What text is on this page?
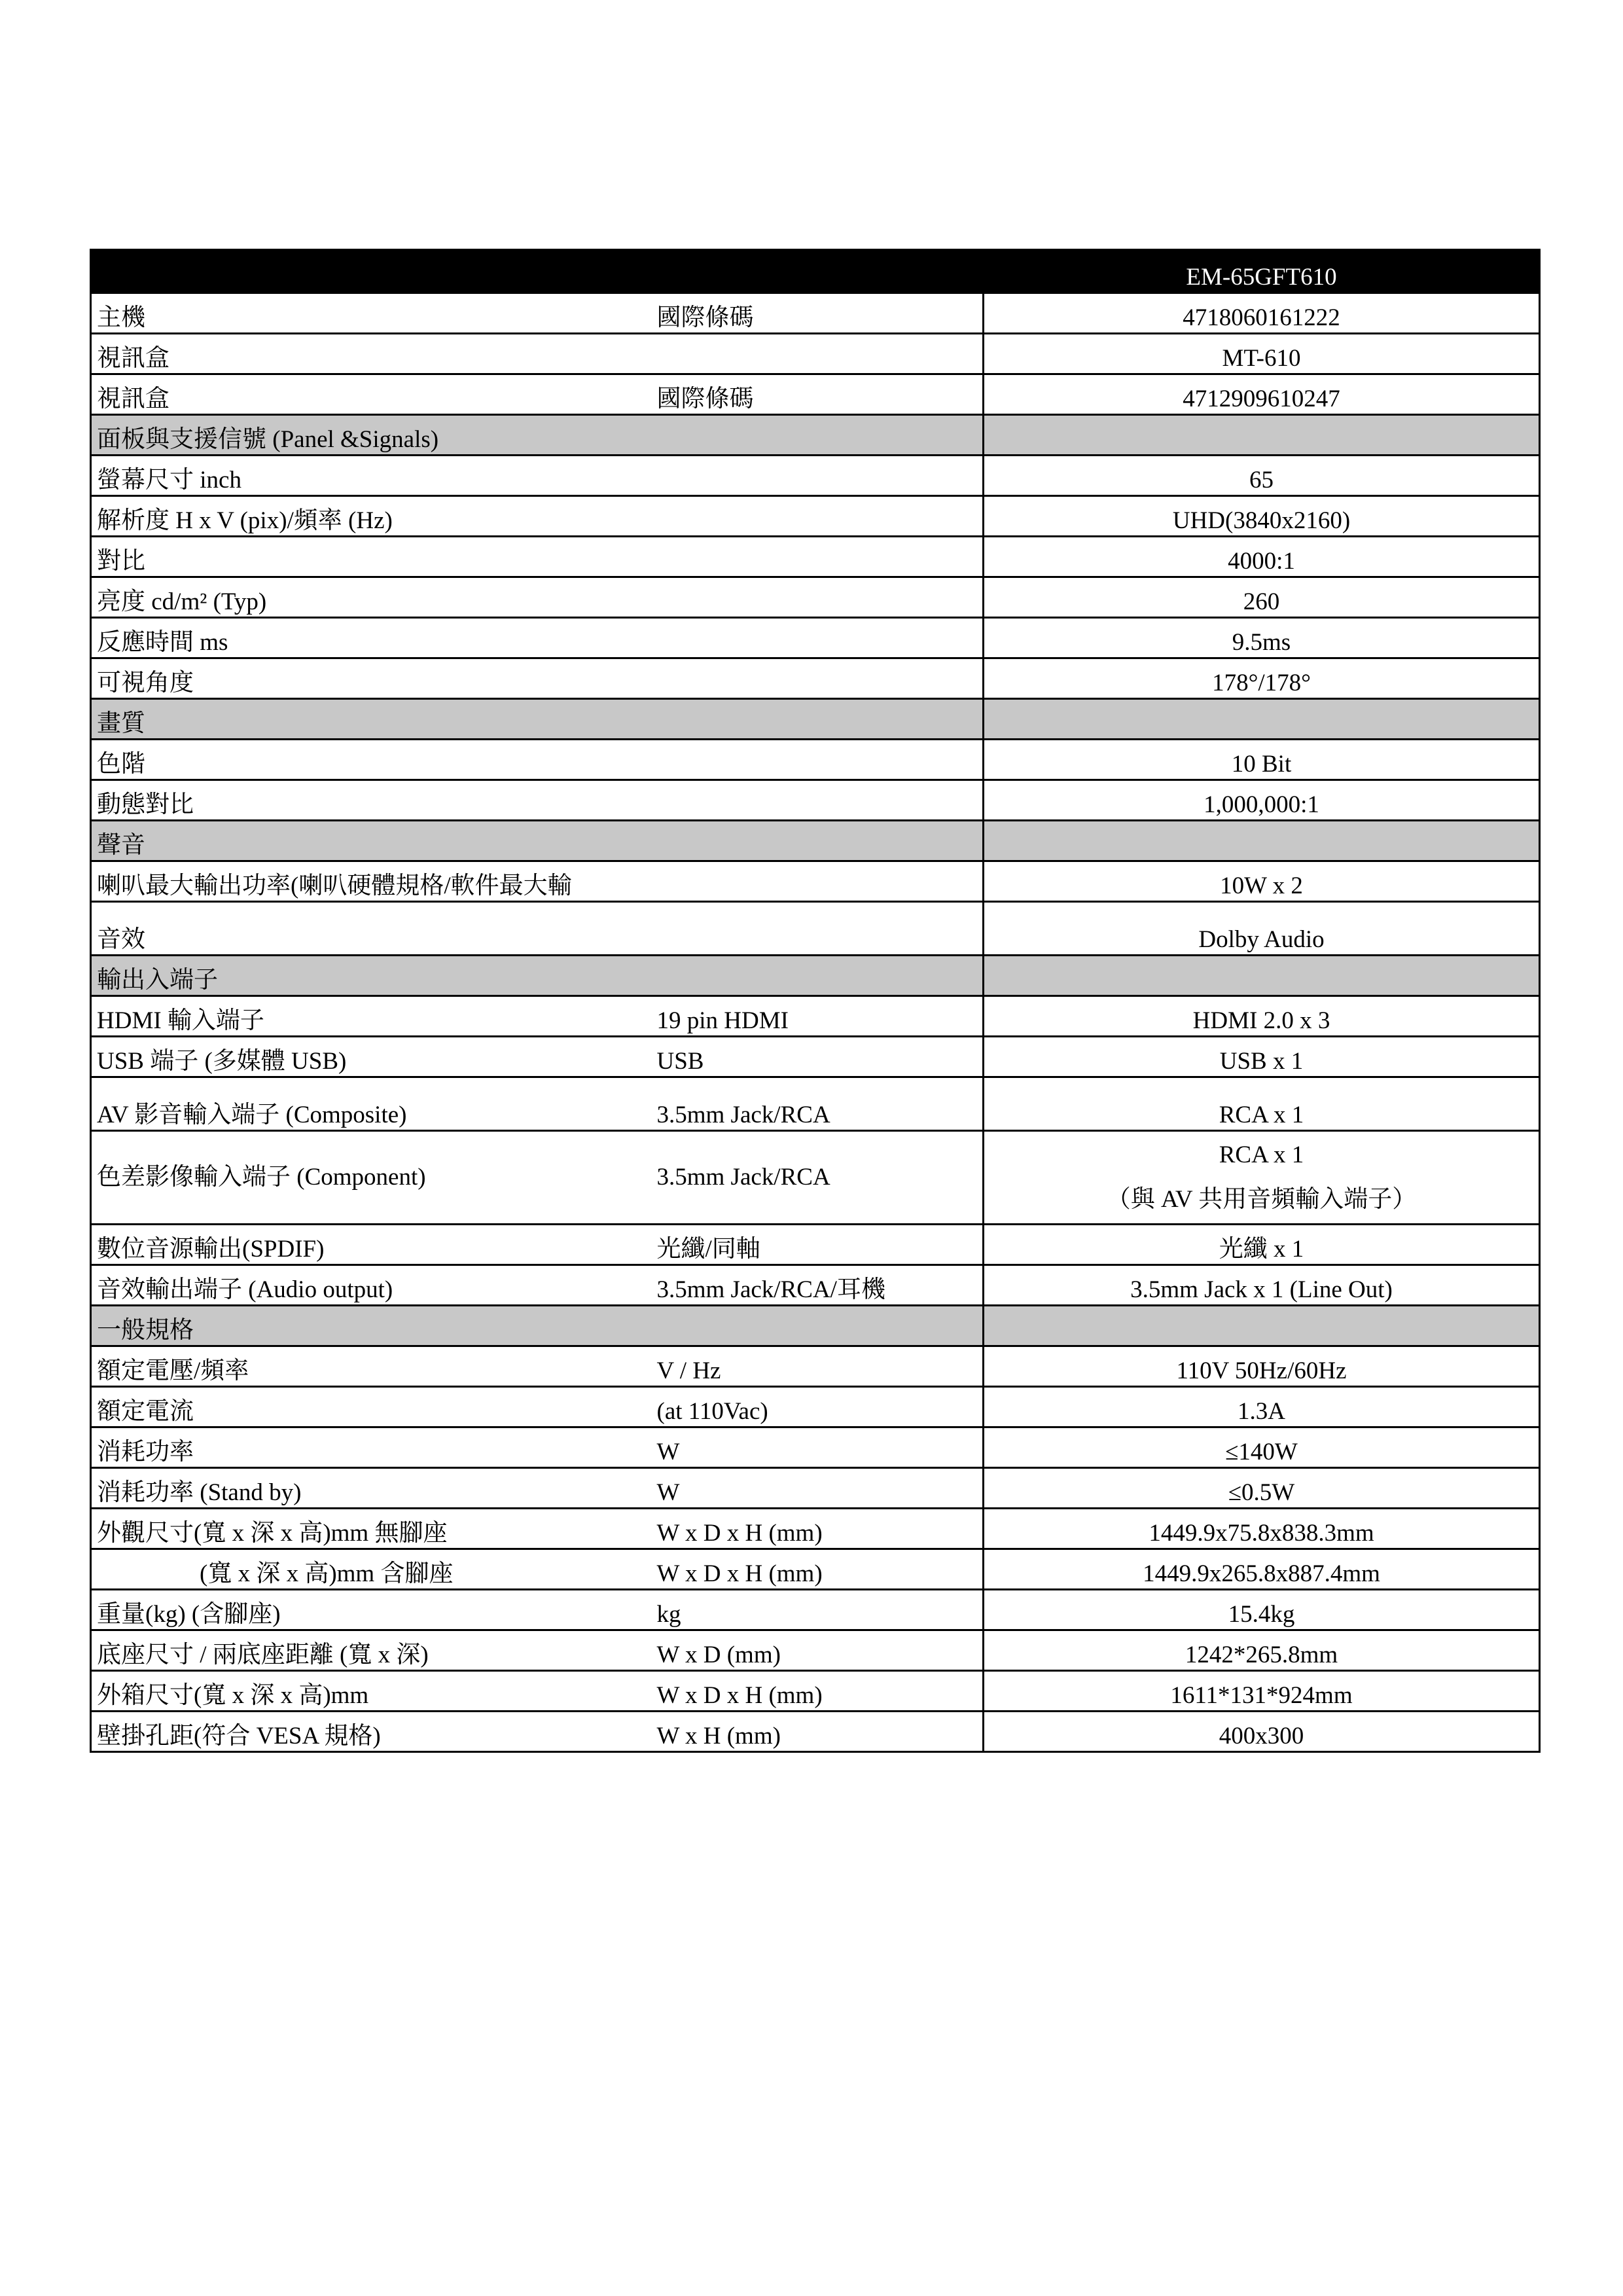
		EM-65GFT610
主機	國際條碼	4718060161222
視訊盒		MT-610
視訊盒	國際條碼	4712909610247
面板與支援信號 (Panel &Signals)		
螢幕尺寸 inch		65
解析度 H x V (pix)/頻率 (Hz)		UHD(3840x2160)
對比		4000:1
亮度 cd/m² (Typ)		260
反應時間 ms		9.5ms
可視角度		178°/178°
畫質		
色階		10 Bit
動態對比		1,000,000:1
聲音		
喇叭最大輸出功率(喇叭硬體規格/軟件最大輸		10W x 2
音效		Dolby Audio
輸出入端子		
HDMI 輸入端子	19 pin HDMI	HDMI 2.0 x 3
USB 端子 (多媒體 USB)	USB	USB x 1
AV 影音輸入端子 (Composite)	3.5mm Jack/RCA	RCA x 1
色差影像輸入端子 (Component)	3.5mm Jack/RCA	RCA x 1
（與 AV 共用音頻輸入端子）

數位音源輸出(SPDIF)	光纖/同軸	光纖 x 1
音效輸出端子 (Audio output)	3.5mm Jack/RCA/耳機	3.5mm Jack x 1 (Line Out)
一般規格		
額定電壓/頻率	V / Hz	110V 50Hz/60Hz
額定電流	(at 110Vac)	1.3A
消耗功率	W	≤140W
消耗功率 (Stand by)	W	≤0.5W
外觀尺寸(寬 x 深 x 高)mm 無腳座	W x D x H (mm)	1449.9x75.8x838.3mm
(寬 x 深 x 高)mm 含腳座	W x D x H (mm)	1449.9x265.8x887.4mm
重量(kg) (含腳座)	kg	15.4kg
底座尺寸 / 兩底座距離 (寬 x 深)	W x D (mm)	1242*265.8mm
外箱尺寸(寬 x 深 x 高)mm	W x D x H (mm)	1611*131*924mm
壁掛孔距(符合 VESA 規格)	W x H (mm)	400x300
